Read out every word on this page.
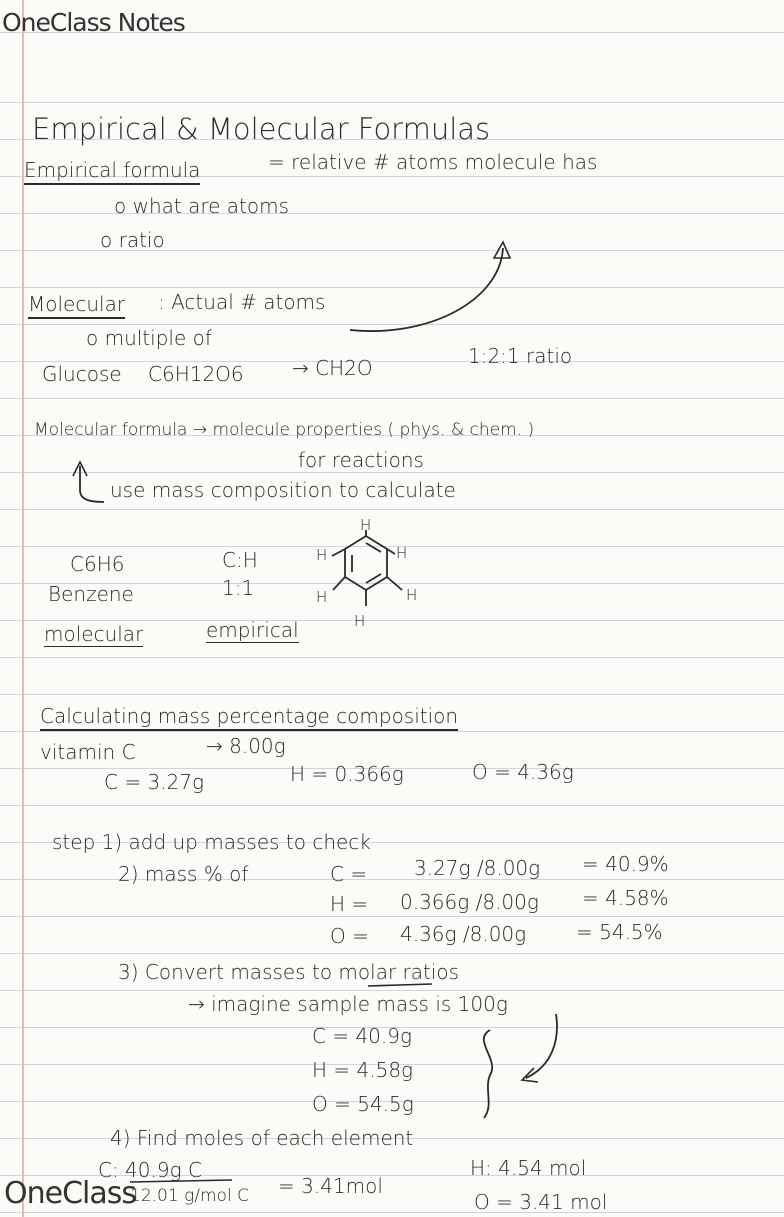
OneClass Notes
Empirical & Molecular Formulas
Empirical formula	= relative # atoms molecule has
o what are atoms
o ratio
Molecular : Actual # atoms
o multiple of
Glucose C6H12O6 → CH2O	1:2:1 ratio
Molecular formula → molecule properties ( phys. & chem. )
for reactions
use mass composition to calculate
C6H6
Benzene
C:H
1:1
molecular	empirical
H
H	H
H	H
H
Calculating mass percentage composition
vitamin C	→ 8.00g
C = 3.27g	H = 0.366g	O = 4.36g
step 1) add up masses to check
2) mass % of	C = 3.27g /8.00g = 40.9%
H = 0.366g /8.00g = 4.58%
O = 4.36g /8.00g = 54.5%
3) Convert masses to molar ratios
→ imagine sample mass is 100g
C = 40.9g
H = 4.58g
O = 54.5g
4) Find moles of each element
C: 40.9g C
12.01 g/mol C = 3.41mol
H: 4.54 mol
O = 3.41 mol
OneClass
